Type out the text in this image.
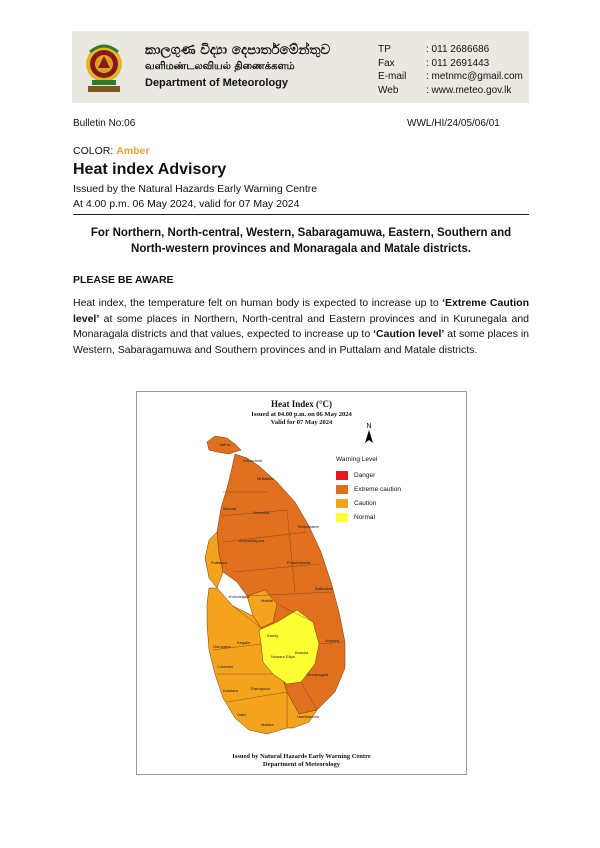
කාලගුණ විද්‍යා දෙපාර්තමේන්තුව
வளிமண்டலவியல் திணைக்களம்
Department of Meteorology
TP	: 011 2686686
Fax	: 011 2691443
E-mail	: metnmc@gmail.com
Web	: www.meteo.gov.lk
Bulletin No:06	WWL/HI/24/05/06/01
COLOR: Amber
Heat index Advisory
Issued by the Natural Hazards Early Warning Centre
At 4.00 p.m. 06 May 2024, valid for 07 May 2024
For Northern, North-central, Western, Sabaragamuwa, Eastern, Southern and
North-western provinces and Monaragala and Matale districts.
PLEASE BE AWARE
Heat index, the temperature felt on human body is expected to increase up to ‘Extreme Caution level’ at some places in Northern, North-central and Eastern provinces and in Kurunegala and Monaragala districts and that values, expected to increase up to ‘Caution level’ at some places in Western, Sabaragamuwa and Southern provinces and in Puttalam and Matale districts.
Heat Index (°C)
Issued at 04.00 p.m. on 06 May 2024
Valid for 07 May 2024
N
Jaffna
Kilinochchi
Mullaitivu
Mannar
Vavuniya
Trincomalee
Anuradhapura
Puttalam	Polonnaruwa
Batticaloa
Kurunegala
Matale
Kandy
Ampara
Gampaha
Kegalle
Nuwara Eliya
Badulla
Colombo
Monaragala
Kalutara	Ratnapura
Galle
Matara
Hambantota
Warning Level
Danger
Extreme caution
Caution
Normal
Issued by Natural Hazards Early Warning Centre
Department of Meteorology
